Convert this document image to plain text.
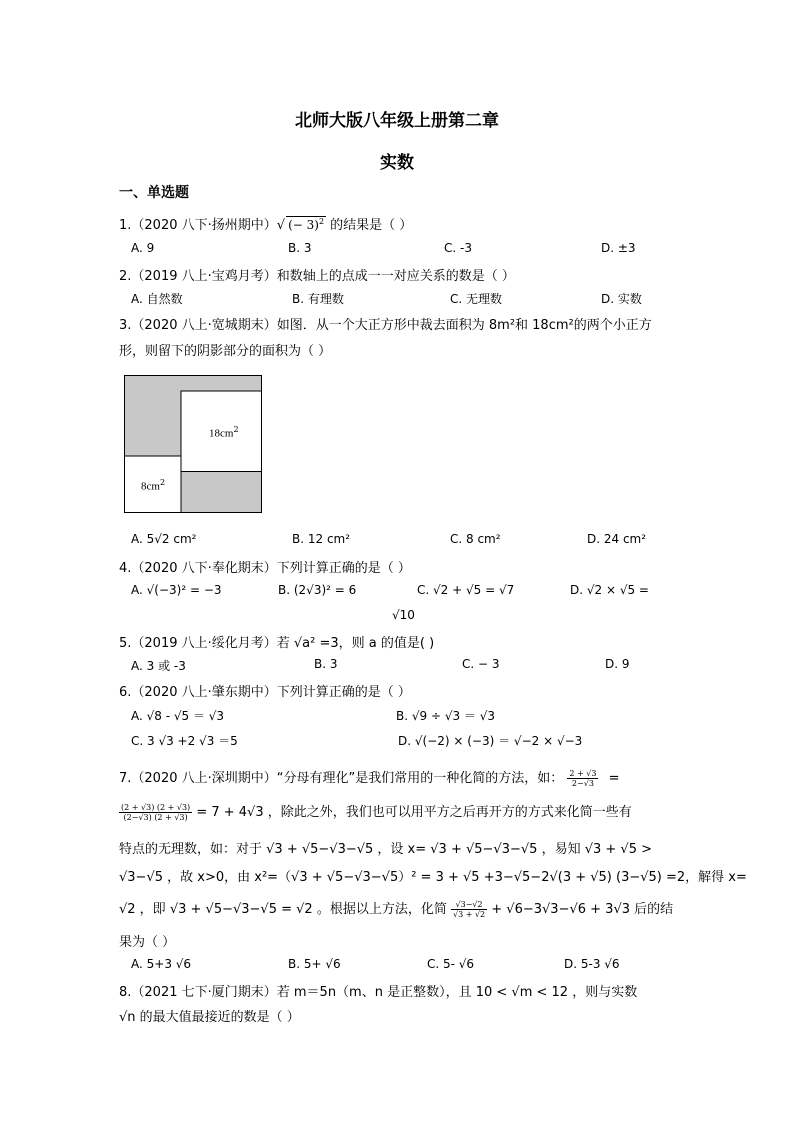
北师大版八年级上册第二章
实数
一、单选题
1.（2020 八下·扬州期中）√ (− 3)$^2$ 的结果是（ ）
A. 9	B. 3	C. -3	D. ±3
2.（2019 八上·宝鸡月考）和数轴上的点成一一对应关系的数是（ ）
A. 自然数	B. 有理数	C. 无理数	D. 实数
3.（2020 八上·宽城期末）如图．从一个大正方形中裁去面积为 8m²和 18cm²的两个小正方
形，则留下的阴影部分的面积为（ ）
$18cm^2$
$8cm^2$
A. 5√2 cm²	B. 12 cm²	C. 8 cm²	D. 24 cm²
4.（2020 八下·奉化期末）下列计算正确的是（ ）
A. √(−3)² = −3	B. (2√3)² = 6	C. √2 + √5 = √7	D. √2 × √5 =
√10
5.（2019 八上·绥化月考）若 √a² =3，则 a 的值是( )
A. 3 或 -3	B. 3	C. − 3	D. 9
6.（2020 八上·肇东期中）下列计算正确的是（ ）
A. √8 - √5 ＝ √3	B. √9 ÷ √3 ＝ √3
C. 3 √3 +2 √3 ＝5	D. √(−2) × (−3) ＝ √−2 × √−3
7.（2020 八上·深圳期中）“分母有理化”是我们常用的一种化简的方法，如： $\frac{2 + √3}{2-√3}$ =
$\frac{(2 + √3) (2 + √3)}{(2-√3) (2 + √3)} = 7 + 4√3$ ，除此之外，我们也可以用平方之后再开方的方式来化简一些有
特点的无理数，如：对于 √3 + √5−√3−√5 ，设 x= √3 + √5−√3−√5 ，易知 √3 + √5 >
√3−√5 ，故 x>0，由 x²=（√3 + √5−√3−√5）² = 3 + √5 +3−√5−2√(3 + √5) (3−√5) =2，解得 x=
√2 ，即 √3 + √5−√3−√5 = √2 。根据以上方法，化简 $\frac{√3-√2}{√3 + √2} + √6-3√3-√6 + 3√3$ 后的结
果为（ ）
A. 5+3 √6	B. 5+ √6	C. 5- √6	D. 5-3 √6
8.（2021 七下·厦门期末）若 m＝5n（m、n 是正整数），且 10 < √m < 12 ，则与实数
√n 的最大值最接近的数是（ ）
